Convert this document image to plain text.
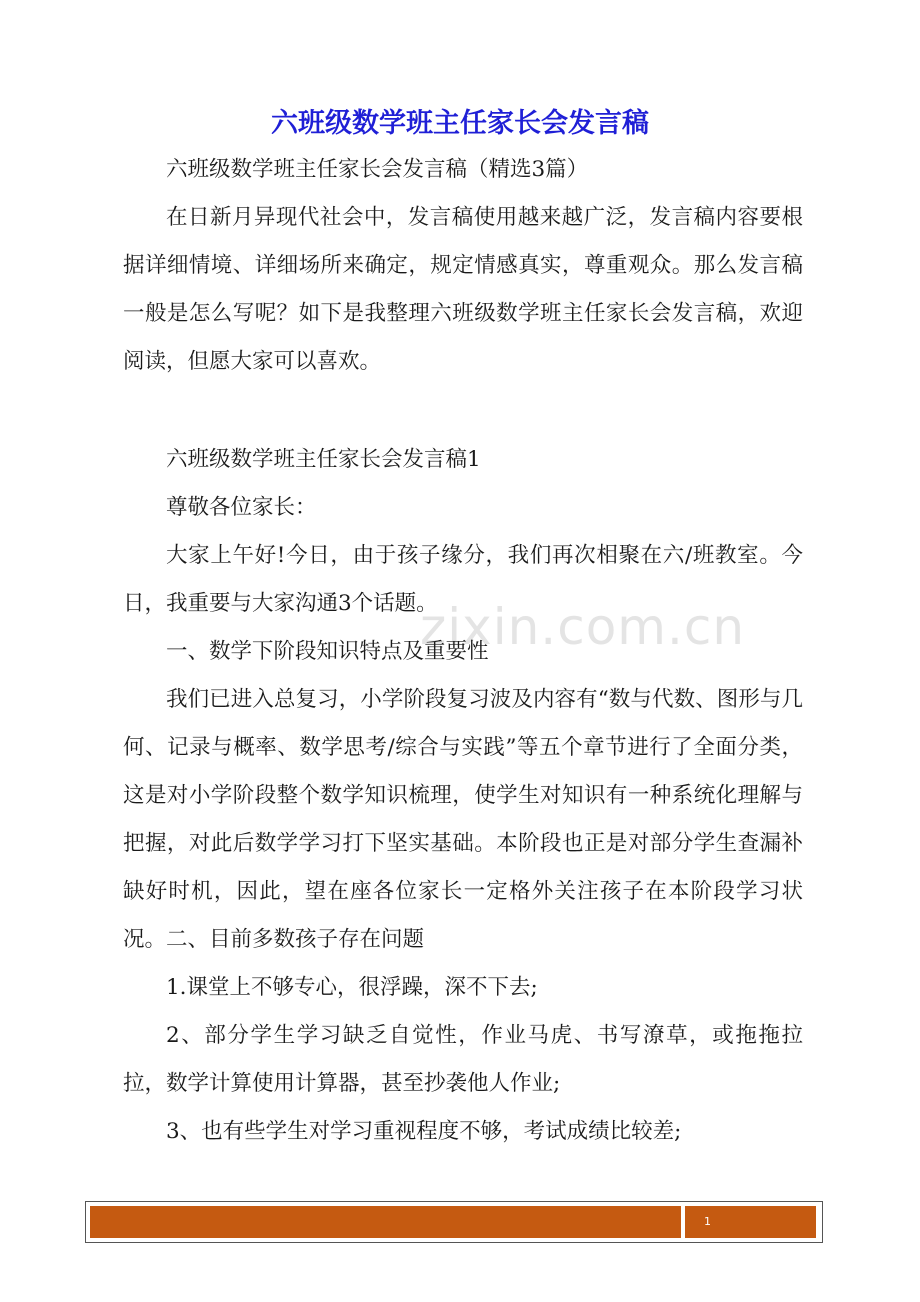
zixin.com.cn
六班级数学班主任家长会发言稿

六班级数学班主任家长会发言稿（精选3篇）

在日新月异现代社会中，发言稿使用越来越广泛，发言稿内容要根据详细情境、详细场所来确定，规定情感真实，尊重观众。那么发言稿一般是怎么写呢？如下是我整理六班级数学班主任家长会发言稿，欢迎阅读，但愿大家可以喜欢。

六班级数学班主任家长会发言稿1

尊敬各位家长：

大家上午好!今日，由于孩子缘分，我们再次相聚在六/班教室。今日，我重要与大家沟通3个话题。

一、数学下阶段知识特点及重要性

我们已进入总复习，小学阶段复习波及内容有“数与代数、图形与几何、记录与概率、数学思考/综合与实践”等五个章节进行了全面分类，这是对小学阶段整个数学知识梳理，使学生对知识有一种系统化理解与把握，对此后数学学习打下坚实基础。本阶段也正是对部分学生查漏补缺好时机，因此，望在座各位家长一定格外关注孩子在本阶段学习状况。 二、目前多数孩子存在问题

1.课堂上不够专心，很浮躁，深不下去;

2、部分学生学习缺乏自觉性，作业马虎、书写潦草，或拖拖拉拉，数学计算使用计算器，甚至抄袭他人作业;

3、也有些学生对学习重视程度不够，考试成绩比较差;

1
